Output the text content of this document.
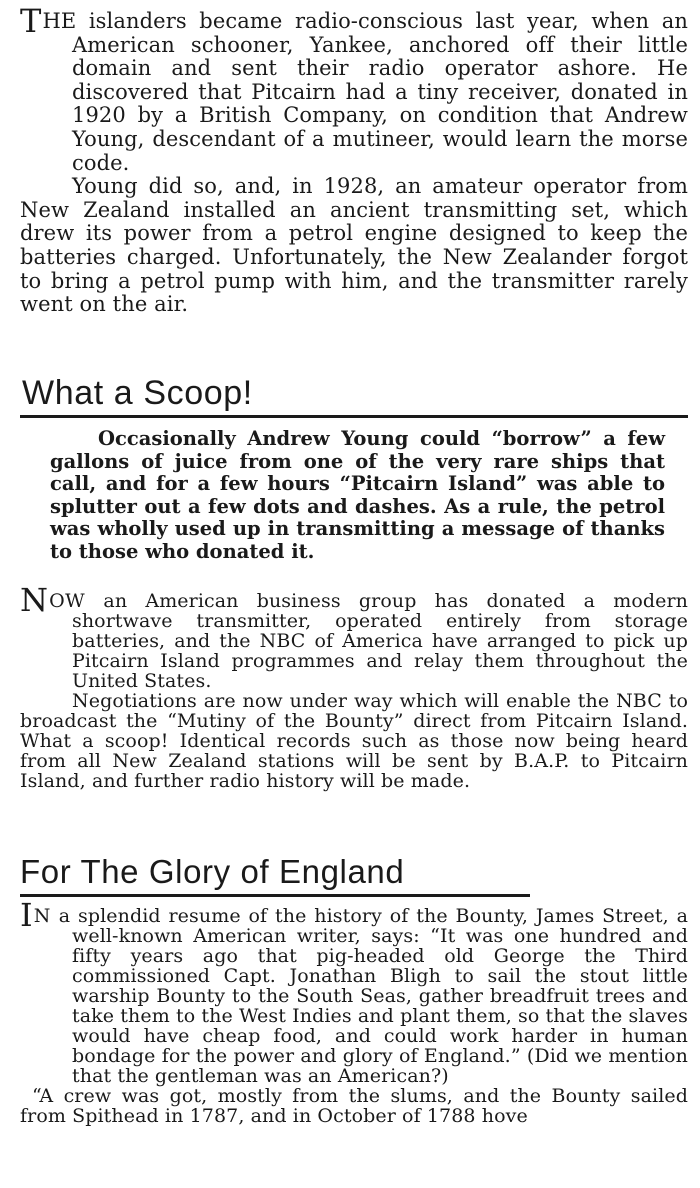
THE islanders became radio-conscious last year, when an American schooner, Yankee, anchored off their little domain and sent their radio operator ashore. He discovered that Pitcairn had a tiny receiver, donated in 1920 by a British Company, on condition that Andrew Young, descendant of a mutineer, would learn the morse code.

Young did so, and, in 1928, an amateur operator from New Zealand installed an ancient transmitting set, which drew its power from a petrol engine designed to keep the batteries charged. Unfortunately, the New Zealander forgot to bring a petrol pump with him, and the transmitter rarely went on the air.

What a Scoop!

Occasionally Andrew Young could “borrow” a few gallons of juice from one of the very rare ships that call, and for a few hours “Pitcairn Island” was able to splutter out a few dots and dashes. As a rule, the petrol was wholly used up in transmitting a message of thanks to those who donated it.

NOW an American business group has donated a modern shortwave transmitter, operated entirely from storage batteries, and the NBC of America have arranged to pick up Pitcairn Island programmes and relay them throughout the United States.

Negotiations are now under way which will enable the NBC to broadcast the “Mutiny of the Bounty” direct from Pitcairn Island. What a scoop! Identical records such as those now being heard from all New Zealand stations will be sent by B.A.P. to Pitcairn Island, and further radio history will be made.

For The Glory of England

IN a splendid resume of the history of the Bounty, James Street, a well-known American writer, says: “It was one hundred and fifty years ago that pig-headed old George the Third commissioned Capt. Jonathan Bligh to sail the stout little warship Bounty to the South Seas, gather breadfruit trees and take them to the West Indies and plant them, so that the slaves would have cheap food, and could work harder in human bondage for the power and glory of England.” (Did we mention that the gentleman was an American?)

“A crew was got, mostly from the slums, and the Bounty sailed from Spithead in 1787, and in October of 1788 hove
